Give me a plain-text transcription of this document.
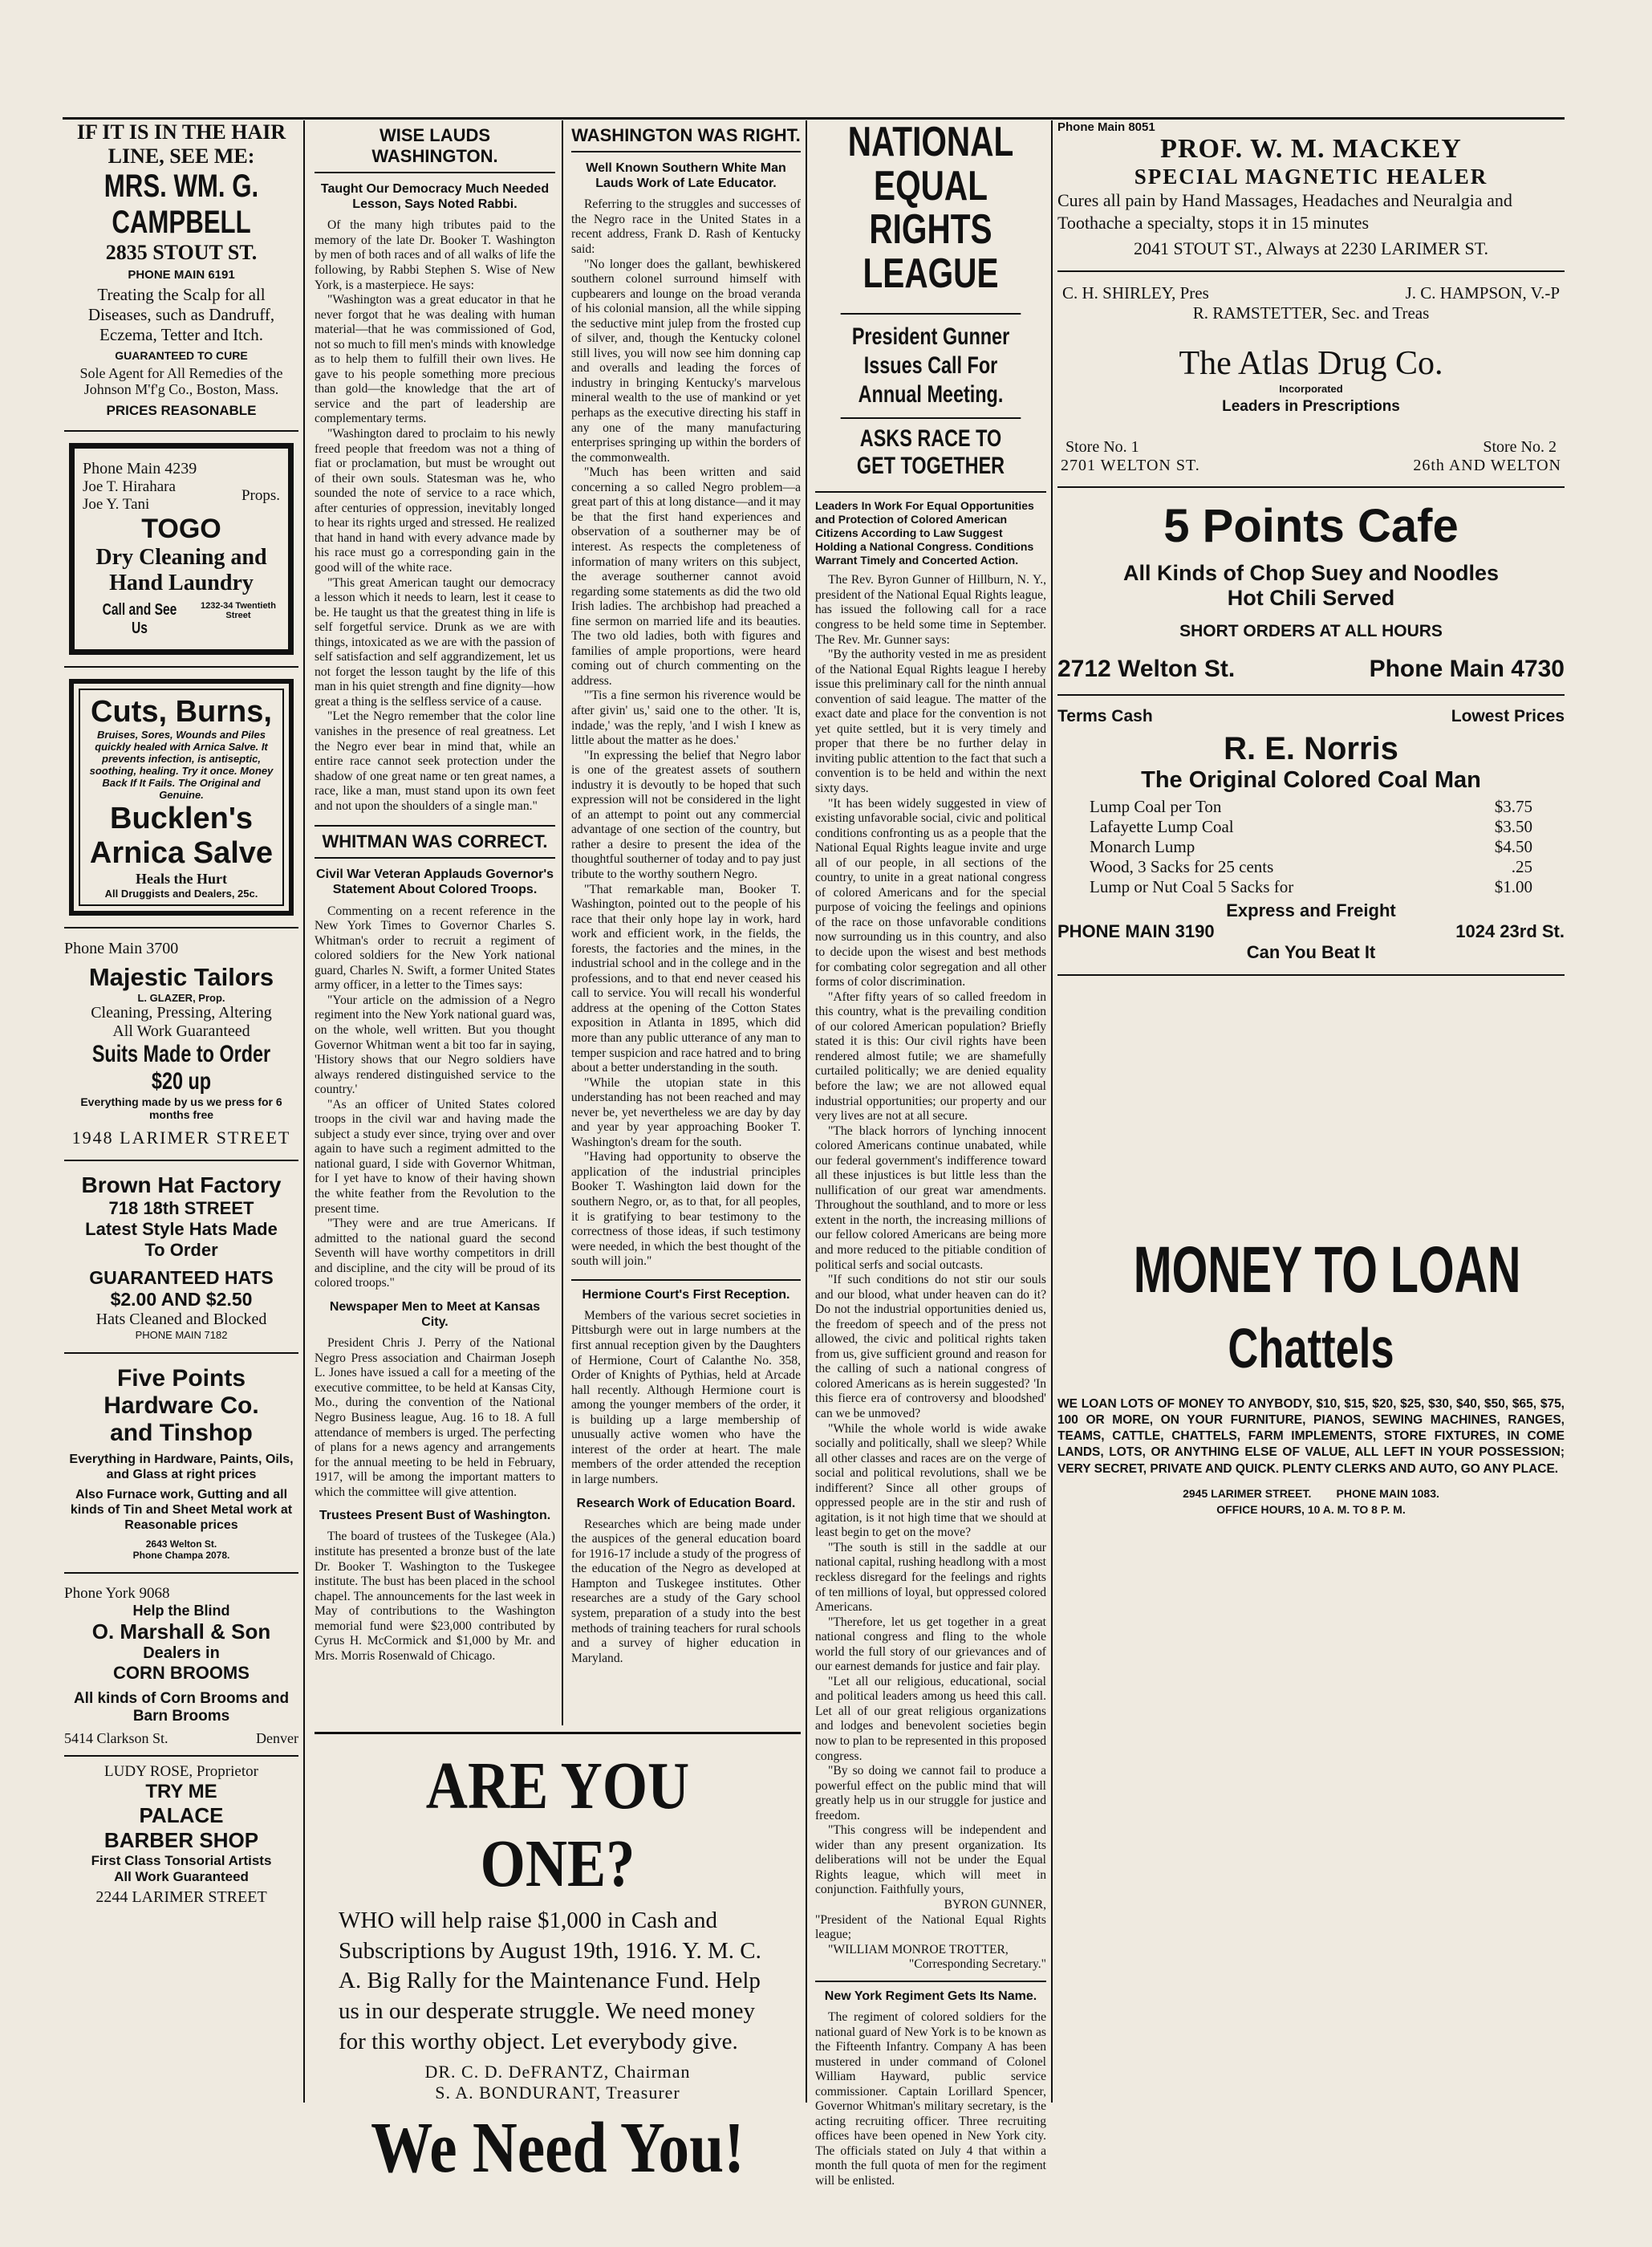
IF IT IS IN THE HAIR
LINE, SEE ME:
MRS. WM. G. CAMPBELL
2835 STOUT ST.
PHONE MAIN 6191
Treating the Scalp for all Diseases, such as Dandruff, Eczema, Tetter and Itch.
GUARANTEED TO CURE
Sole Agent for All Remedies of the Johnson M'f'g Co., Boston, Mass.
PRICES REASONABLE
Phone Main 4239
Joe T. Hirahara
Joe Y. Tani
Props.
TOGO
Dry Cleaning and
Hand Laundry
Call and See Us
1232-34 Twentieth Street
Cuts, Burns,
Bruises, Sores, Wounds and Piles quickly healed with Arnica Salve. It prevents infection, is antiseptic, soothing, healing. Try it once. Money Back If It Fails. The Original and Genuine.
Bucklen's
Arnica Salve
Heals the Hurt
All Druggists and Dealers, 25c.
Phone Main 3700
Majestic Tailors
L. GLAZER, Prop.
Cleaning, Pressing, Altering
All Work Guaranteed
Suits Made to Order $20 up
Everything made by us we press for 6 months free
1948 LARIMER STREET
Brown Hat Factory
718 18th STREET
Latest Style Hats Made
To Order
GUARANTEED HATS
$2.00 AND $2.50
Hats Cleaned and Blocked
PHONE MAIN 7182
Five Points
Hardware Co.
and Tinshop
Everything in Hardware, Paints, Oils, and Glass at right prices
Also Furnace work, Gutting and all kinds of Tin and Sheet Metal work at Reasonable prices
2643 Welton St.
Phone Champa 2078.
Phone York 9068
Help the Blind
O. Marshall & Son
Dealers in
CORN BROOMS
All kinds of Corn Brooms and Barn Brooms
5414 Clarkson St.	Denver
LUDY ROSE, Proprietor
TRY ME
PALACE
BARBER SHOP
First Class Tonsorial Artists
All Work Guaranteed
2244 LARIMER STREET
WISE LAUDS WASHINGTON.
Taught Our Democracy Much Needed Lesson, Says Noted Rabbi.

Of the many high tributes paid to the memory of the late Dr. Booker T. Washington by men of both races and of all walks of life the following, by Rabbi Stephen S. Wise of New York, is a masterpiece. He says:

"Washington was a great educator in that he never forgot that he was dealing with human material—that he was commissioned of God, not so much to fill men's minds with knowledge as to help them to fulfill their own lives. He gave to his people something more precious than gold—the knowledge that the art of service and the part of leadership are complementary terms.

"Washington dared to proclaim to his newly freed people that freedom was not a thing of fiat or proclamation, but must be wrought out of their own souls. Statesman was he, who sounded the note of service to a race which, after centuries of oppression, inevitably longed to hear its rights urged and stressed. He realized that hand in hand with every advance made by his race must go a corresponding gain in the good will of the white race.

"This great American taught our democracy a lesson which it needs to learn, lest it cease to be. He taught us that the greatest thing in life is self forgetful service. Drunk as we are with things, intoxicated as we are with the passion of self satisfaction and self aggrandizement, let us not forget the lesson taught by the life of this man in his quiet strength and fine dignity—how great a thing is the selfless service of a cause.

"Let the Negro remember that the color line vanishes in the presence of real greatness. Let the Negro ever bear in mind that, while an entire race cannot seek protection under the shadow of one great name or ten great names, a race, like a man, must stand upon its own feet and not upon the shoulders of a single man."

WHITMAN WAS CORRECT.
Civil War Veteran Applauds Governor's Statement About Colored Troops.

Commenting on a recent reference in the New York Times to Governor Charles S. Whitman's order to recruit a regiment of colored soldiers for the New York national guard, Charles N. Swift, a former United States army officer, in a letter to the Times says:

"Your article on the admission of a Negro regiment into the New York national guard was, on the whole, well written. But you thought Governor Whitman went a bit too far in saying, 'History shows that our Negro soldiers have always rendered distinguished service to the country.'

"As an officer of United States colored troops in the civil war and having made the subject a study ever since, trying over and over again to have such a regiment admitted to the national guard, I side with Governor Whitman, for I yet have to know of their having shown the white feather from the Revolution to the present time.

"They were and are true Americans. If admitted to the national guard the second Seventh will have worthy competitors in drill and discipline, and the city will be proud of its colored troops."

Newspaper Men to Meet at Kansas City.

President Chris J. Perry of the National Negro Press association and Chairman Joseph L. Jones have issued a call for a meeting of the executive committee, to be held at Kansas City, Mo., during the convention of the National Negro Business league, Aug. 16 to 18. A full attendance of members is urged. The perfecting of plans for a news agency and arrangements for the annual meeting to be held in February, 1917, will be among the important matters to which the committee will give attention.

Trustees Present Bust of Washington.

The board of trustees of the Tuskegee (Ala.) institute has presented a bronze bust of the late Dr. Booker T. Washington to the Tuskegee institute. The bust has been placed in the school chapel. The announcements for the last week in May of contributions to the Washington memorial fund were $23,000 contributed by Cyrus H. McCormick and $1,000 by Mr. and Mrs. Morris Rosenwald of Chicago.

WASHINGTON WAS RIGHT.
Well Known Southern White Man Lauds Work of Late Educator.

Referring to the struggles and successes of the Negro race in the United States in a recent address, Frank D. Rash of Kentucky said:

"No longer does the gallant, bewhiskered southern colonel surround himself with cupbearers and lounge on the broad veranda of his colonial mansion, all the while sipping the seductive mint julep from the frosted cup of silver, and, though the Kentucky colonel still lives, you will now see him donning cap and overalls and leading the forces of industry in bringing Kentucky's marvelous mineral wealth to the use of mankind or yet perhaps as the executive directing his staff in any one of the many manufacturing enterprises springing up within the borders of the commonwealth.

"Much has been written and said concerning a so called Negro problem—a great part of this at long distance—and it may be that the first hand experiences and observation of a southerner may be of interest. As respects the completeness of information of many writers on this subject, the average southerner cannot avoid regarding some statements as did the two old Irish ladies. The archbishop had preached a fine sermon on married life and its beauties. The two old ladies, both with figures and families of ample proportions, were heard coming out of church commenting on the address.

"'Tis a fine sermon his riverence would be after givin' us,' said one to the other. 'It is, indade,' was the reply, 'and I wish I knew as little about the matter as he does.'

"In expressing the belief that Negro labor is one of the greatest assets of southern industry it is devoutly to be hoped that such expression will not be considered in the light of an attempt to point out any commercial advantage of one section of the country, but rather a desire to present the idea of the thoughtful southerner of today and to pay just tribute to the worthy southern Negro.

"That remarkable man, Booker T. Washington, pointed out to the people of his race that their only hope lay in work, hard work and efficient work, in the fields, the forests, the factories and the mines, in the industrial school and in the college and in the professions, and to that end never ceased his call to service. You will recall his wonderful address at the opening of the Cotton States exposition in Atlanta in 1895, which did more than any public utterance of any man to temper suspicion and race hatred and to bring about a better understanding in the south.

"While the utopian state in this understanding has not been reached and may never be, yet nevertheless we are day by day and year by year approaching Booker T. Washington's dream for the south.

"Having had opportunity to observe the application of the industrial principles Booker T. Washington laid down for the southern Negro, or, as to that, for all peoples, it is gratifying to bear testimony to the correctness of those ideas, if such testimony were needed, in which the best thought of the south will join."

Hermione Court's First Reception.

Members of the various secret societies in Pittsburgh were out in large numbers at the first annual reception given by the Daughters of Hermione, Court of Calanthe No. 358, Order of Knights of Pythias, held at Arcade hall recently. Although Hermione court is among the younger members of the order, it is building up a large membership of unusually active women who have the interest of the order at heart. The male members of the order attended the reception in large numbers.

Research Work of Education Board.

Researches which are being made under the auspices of the general education board for 1916-17 include a study of the progress of the education of the Negro as developed at Hampton and Tuskegee institutes. Other researches are a study of the Gary school system, preparation of a study into the best methods of training teachers for rural schools and a survey of higher education in Maryland.

ARE YOU ONE?
WHO will help raise $1,000 in Cash and Subscriptions by August 19th, 1916. Y. M. C. A. Big Rally for the Maintenance Fund. Help us in our desperate struggle. We need money for this worthy object. Let everybody give.
DR. C. D. DeFRANTZ, Chairman
S. A. BONDURANT, Treasurer
We Need You!
NATIONAL EQUAL
RIGHTS LEAGUE
President Gunner Issues Call For Annual Meeting.
ASKS RACE TO GET TOGETHER
Leaders In Work For Equal Opportunities and Protection of Colored American Citizens According to Law Suggest Holding a National Congress. Conditions Warrant Timely and Concerted Action.

The Rev. Byron Gunner of Hillburn, N. Y., president of the National Equal Rights league, has issued the following call for a race congress to be held some time in September. The Rev. Mr. Gunner says:

"By the authority vested in me as president of the National Equal Rights league I hereby issue this preliminary call for the ninth annual convention of said league. The matter of the exact date and place for the convention is not yet quite settled, but it is very timely and proper that there be no further delay in inviting public attention to the fact that such a convention is to be held and within the next sixty days.

"It has been widely suggested in view of existing unfavorable social, civic and political conditions confronting us as a people that the National Equal Rights league invite and urge all of our people, in all sections of the country, to unite in a great national congress of colored Americans and for the special purpose of voicing the feelings and opinions of the race on those unfavorable conditions now surrounding us in this country, and also to decide upon the wisest and best methods for combating color segregation and all other forms of color discrimination.

"After fifty years of so called freedom in this country, what is the prevailing condition of our colored American population? Briefly stated it is this: Our civil rights have been rendered almost futile; we are shamefully curtailed politically; we are denied equality before the law; we are not allowed equal industrial opportunities; our property and our very lives are not at all secure.

"The black horrors of lynching innocent colored Americans continue unabated, while our federal government's indifference toward all these injustices is but little less than the nullification of our great war amendments. Throughout the southland, and to more or less extent in the north, the increasing millions of our fellow colored Americans are being more and more reduced to the pitiable condition of political serfs and social outcasts.

"If such conditions do not stir our souls and our blood, what under heaven can do it? Do not the industrial opportunities denied us, the freedom of speech and of the press not allowed, the civic and political rights taken from us, give sufficient ground and reason for the calling of such a national congress of colored Americans as is herein suggested? 'In this fierce era of controversy and bloodshed' can we be unmoved?

"While the whole world is wide awake socially and politically, shall we sleep? While all other classes and races are on the verge of social and political revolutions, shall we be indifferent? Since all other groups of oppressed people are in the stir and rush of agitation, is it not high time that we should at least begin to get on the move?

"The south is still in the saddle at our national capital, rushing headlong with a most reckless disregard for the feelings and rights of ten millions of loyal, but oppressed colored Americans.

"Therefore, let us get together in a great national congress and fling to the whole world the full story of our grievances and of our earnest demands for justice and fair play.

"Let all our religious, educational, social and political leaders among us heed this call. Let all of our great religious organizations and lodges and benevolent societies begin now to plan to be represented in this proposed congress.

"By so doing we cannot fail to produce a powerful effect on the public mind that will greatly help us in our struggle for justice and freedom.

"This congress will be independent and wider than any present organization. Its deliberations will not be under the Equal Rights league, which will meet in conjunction. Faithfully yours,

BYRON GUNNER,
"President of the National Equal Rights league;
"WILLIAM MONROE TROTTER,
"Corresponding Secretary."
New York Regiment Gets Its Name.

The regiment of colored soldiers for the national guard of New York is to be known as the Fifteenth Infantry. Company A has been mustered in under command of Colonel William Hayward, public service commissioner. Captain Lorillard Spencer, Governor Whitman's military secretary, is the acting recruiting officer. Three recruiting offices have been opened in New York city. The officials stated on July 4 that within a month the full quota of men for the regiment will be enlisted.

Phone Main 8051
PROF. W. M. MACKEY
SPECIAL MAGNETIC HEALER
Cures all pain by Hand Massages, Headaches and Neuralgia and Toothache a specialty, stops it in 15 minutes
2041 STOUT ST., Always at 2230 LARIMER ST.
C. H. SHIRLEY, Pres	J. C. HAMPSON, V.-P
R. RAMSTETTER, Sec. and Treas
The Atlas Drug Co.
Incorporated
Leaders in Prescriptions
Store No. 1	Store No. 2
2701 WELTON ST.	26th AND WELTON
5 Points Cafe
All Kinds of Chop Suey and Noodles
Hot Chili Served
SHORT ORDERS AT ALL HOURS
2712 Welton St.	Phone Main 4730
Terms Cash	Lowest Prices
R. E. Norris
The Original Colored Coal Man
Lump Coal per Ton	$3.75
Lafayette Lump Coal	$3.50
Monarch Lump	$4.50
Wood, 3 Sacks for 25 cents	.25
Lump or Nut Coal 5 Sacks for	$1.00
Express and Freight
PHONE MAIN 3190	1024 23rd St.
Can You Beat It
MONEY TO LOAN
Chattels
WE LOAN LOTS OF MONEY TO ANYBODY, $10, $15, $20, $25, $30, $40, $50, $65, $75, 100 OR MORE, ON YOUR FURNITURE, PIANOS, SEWING MACHINES, RANGES, TEAMS, CATTLE, CHATTELS, FARM IMPLEMENTS, STORE FIXTURES, IN COME LANDS, LOTS, OR ANYTHING ELSE OF VALUE, ALL LEFT IN YOUR POSSESSION; VERY SECRET, PRIVATE AND QUICK. PLENTY CLERKS AND AUTO, GO ANY PLACE.
2945 LARIMER STREET. PHONE MAIN 1083.
OFFICE HOURS, 10 A. M. TO 8 P. M.
